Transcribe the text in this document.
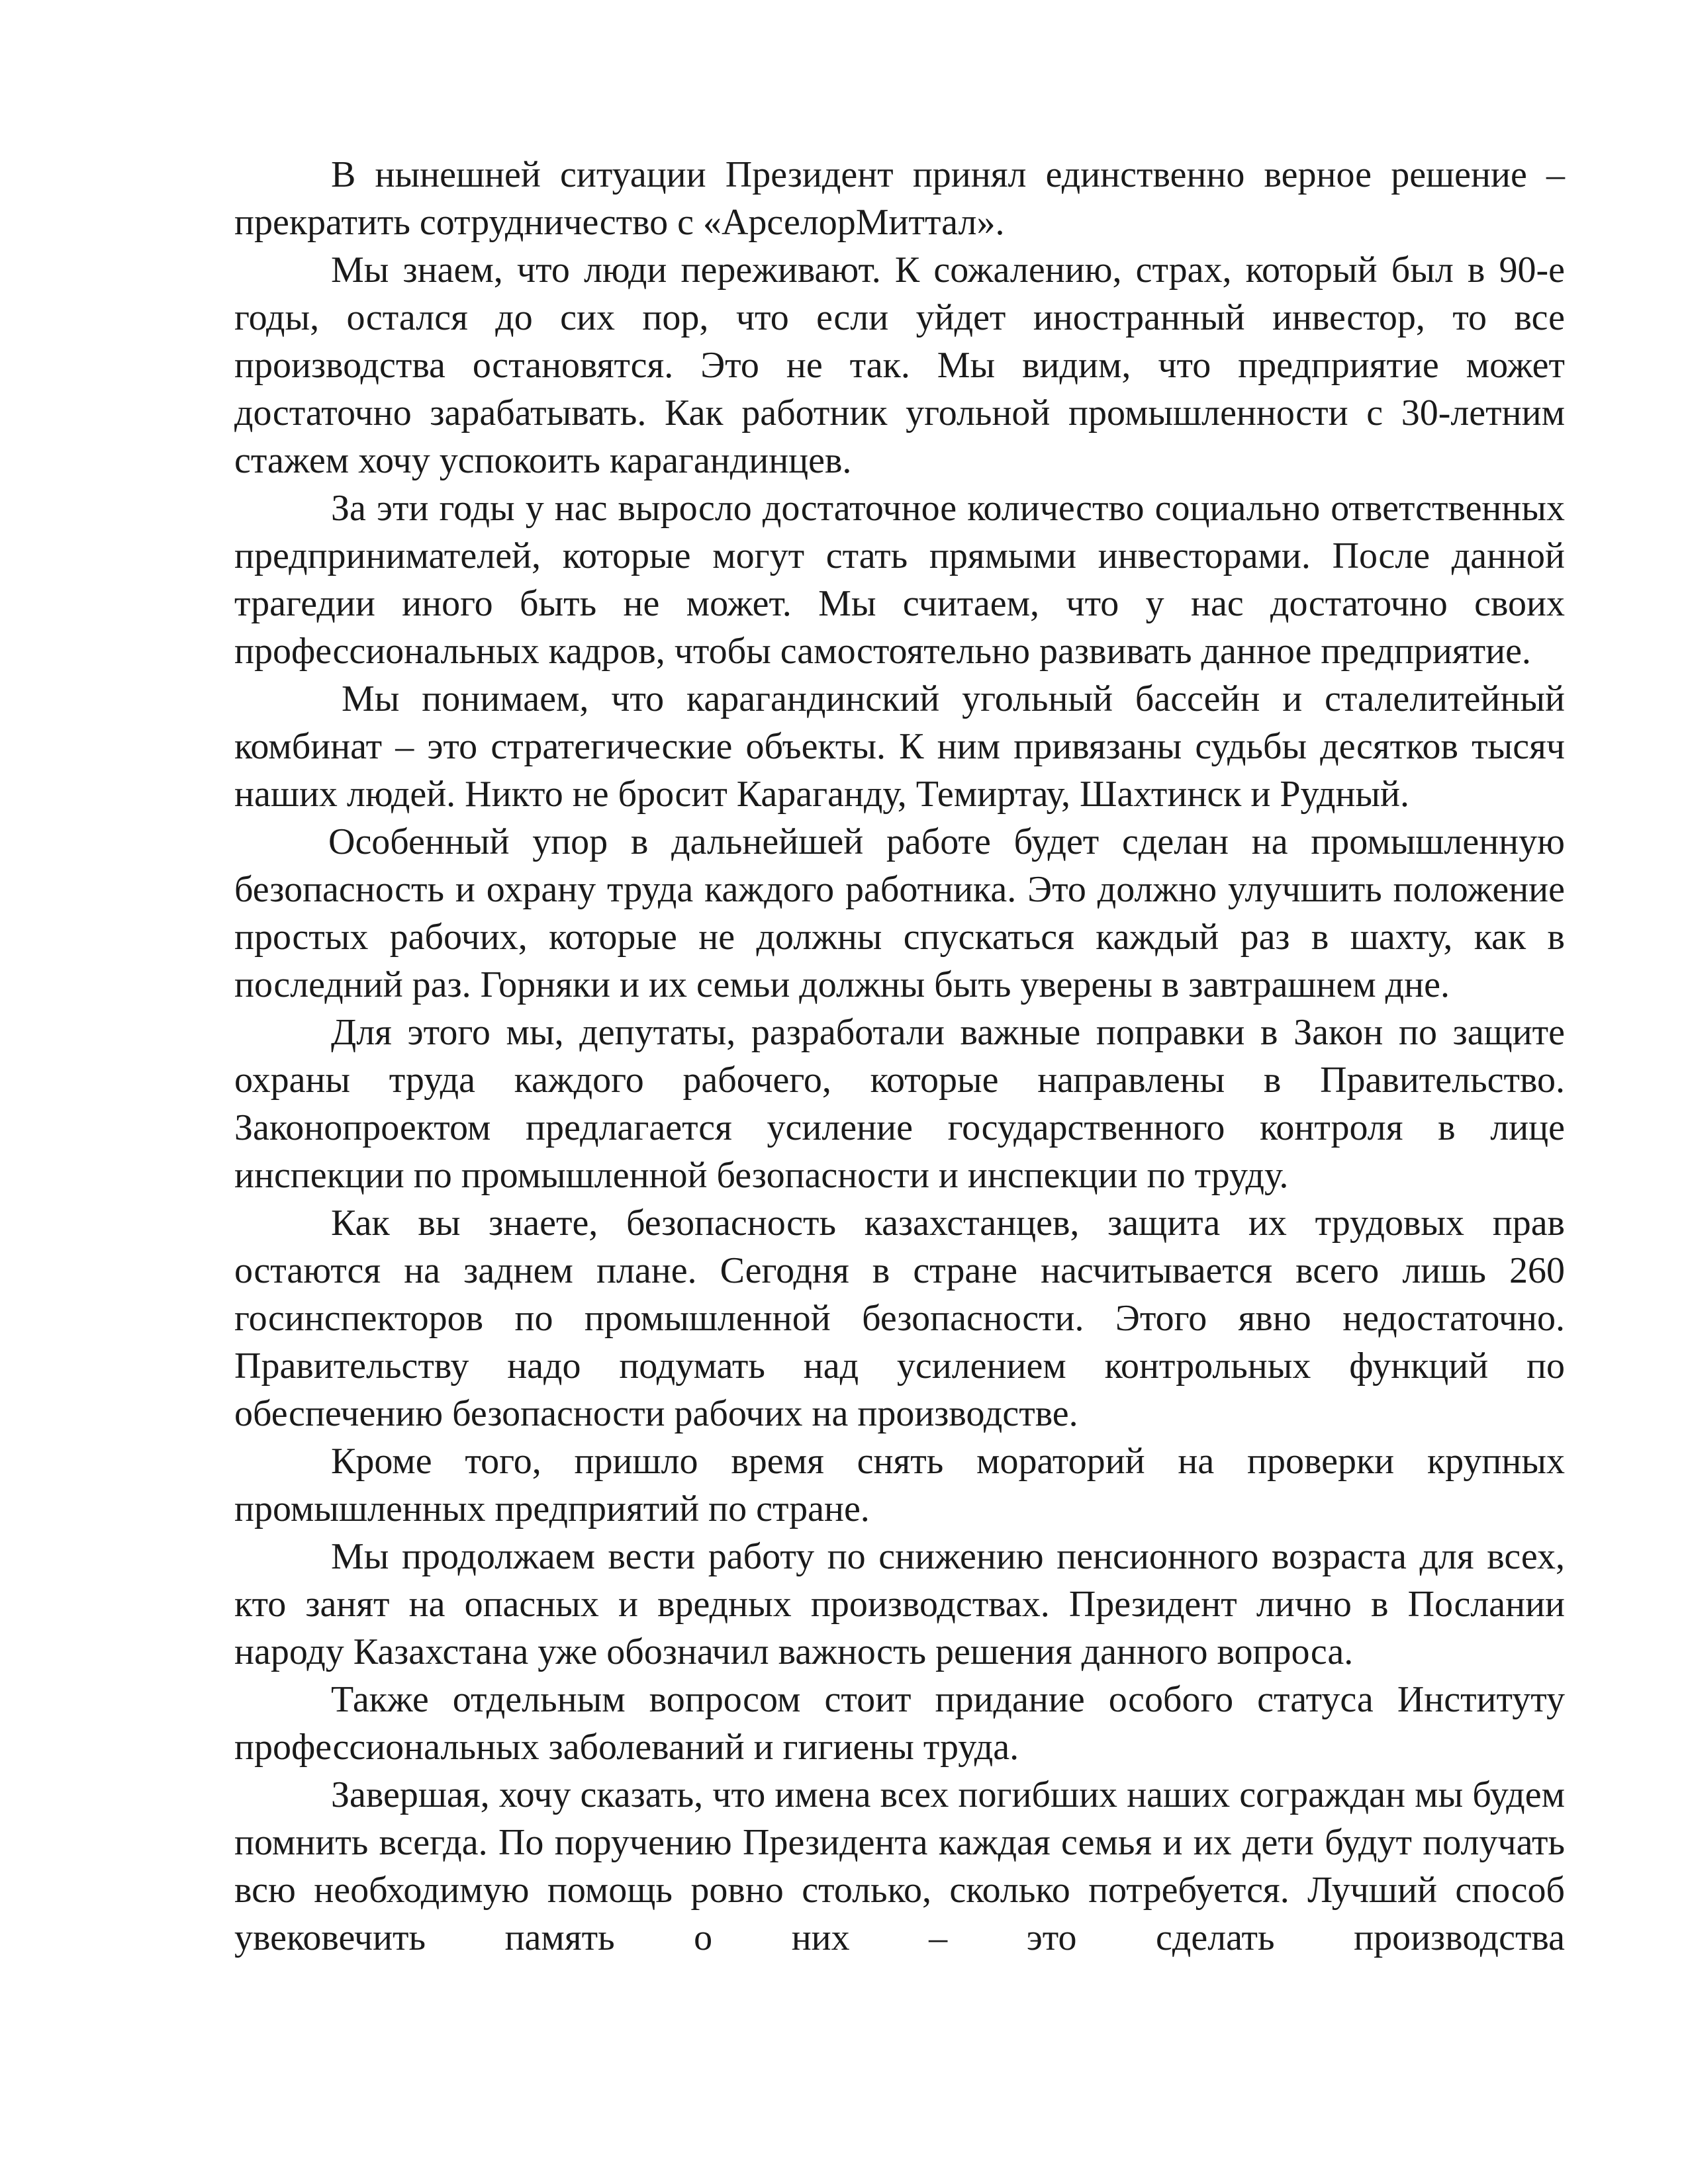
В нынешней ситуации Президент принял единственно верное решение – прекратить сотрудничество с «АрселорМиттал».

Мы знаем, что люди переживают. К сожалению, страх, который был в 90-е годы, остался до сих пор, что если уйдет иностранный инвестор, то все производства остановятся. Это не так. Мы видим, что предприятие может достаточно зарабатывать. Как работник угольной промышленности с 30-летним стажем хочу успокоить карагандинцев.

За эти годы у нас выросло достаточное количество социально ответственных предпринимателей, которые могут стать прямыми инвесторами. После данной трагедии иного быть не может. Мы считаем, что у нас достаточно своих профессиональных кадров, чтобы самостоятельно развивать данное предприятие.

Мы понимаем, что карагандинский угольный бассейн и сталелитейный комбинат – это стратегические объекты. К ним привязаны судьбы десятков тысяч наших людей. Никто не бросит Караганду, Темиртау, Шахтинск и Рудный.

Особенный упор в дальнейшей работе будет сделан на промышленную безопасность и охрану труда каждого работника. Это должно улучшить положение простых рабочих, которые не должны спускаться каждый раз в шахту, как в последний раз. Горняки и их семьи должны быть уверены в завтрашнем дне.

Для этого мы, депутаты, разработали важные поправки в Закон по защите охраны труда каждого рабочего, которые направлены в Правительство. Законопроектом предлагается усиление государственного контроля в лице инспекции по промышленной безопасности и инспекции по труду.

Как вы знаете, безопасность казахстанцев, защита их трудовых прав остаются на заднем плане. Сегодня в стране насчитывается всего лишь 260 госинспекторов по промышленной безопасности. Этого явно недостаточно. Правительству надо подумать над усилением контрольных функций по обеспечению безопасности рабочих на производстве.

Кроме того, пришло время снять мораторий на проверки крупных промышленных предприятий по стране.

Мы продолжаем вести работу по снижению пенсионного возраста для всех, кто занят на опасных и вредных производствах. Президент лично в Послании народу Казахстана уже обозначил важность решения данного вопроса.

Также отдельным вопросом стоит придание особого статуса Институту профессиональных заболеваний и гигиены труда.

Завершая, хочу сказать, что имена всех погибших наших сограждан мы будем помнить всегда. По поручению Президента каждая семья и их дети будут получать всю необходимую помощь ровно столько, сколько потребуется. Лучший способ увековечить память о них – это сделать производства
